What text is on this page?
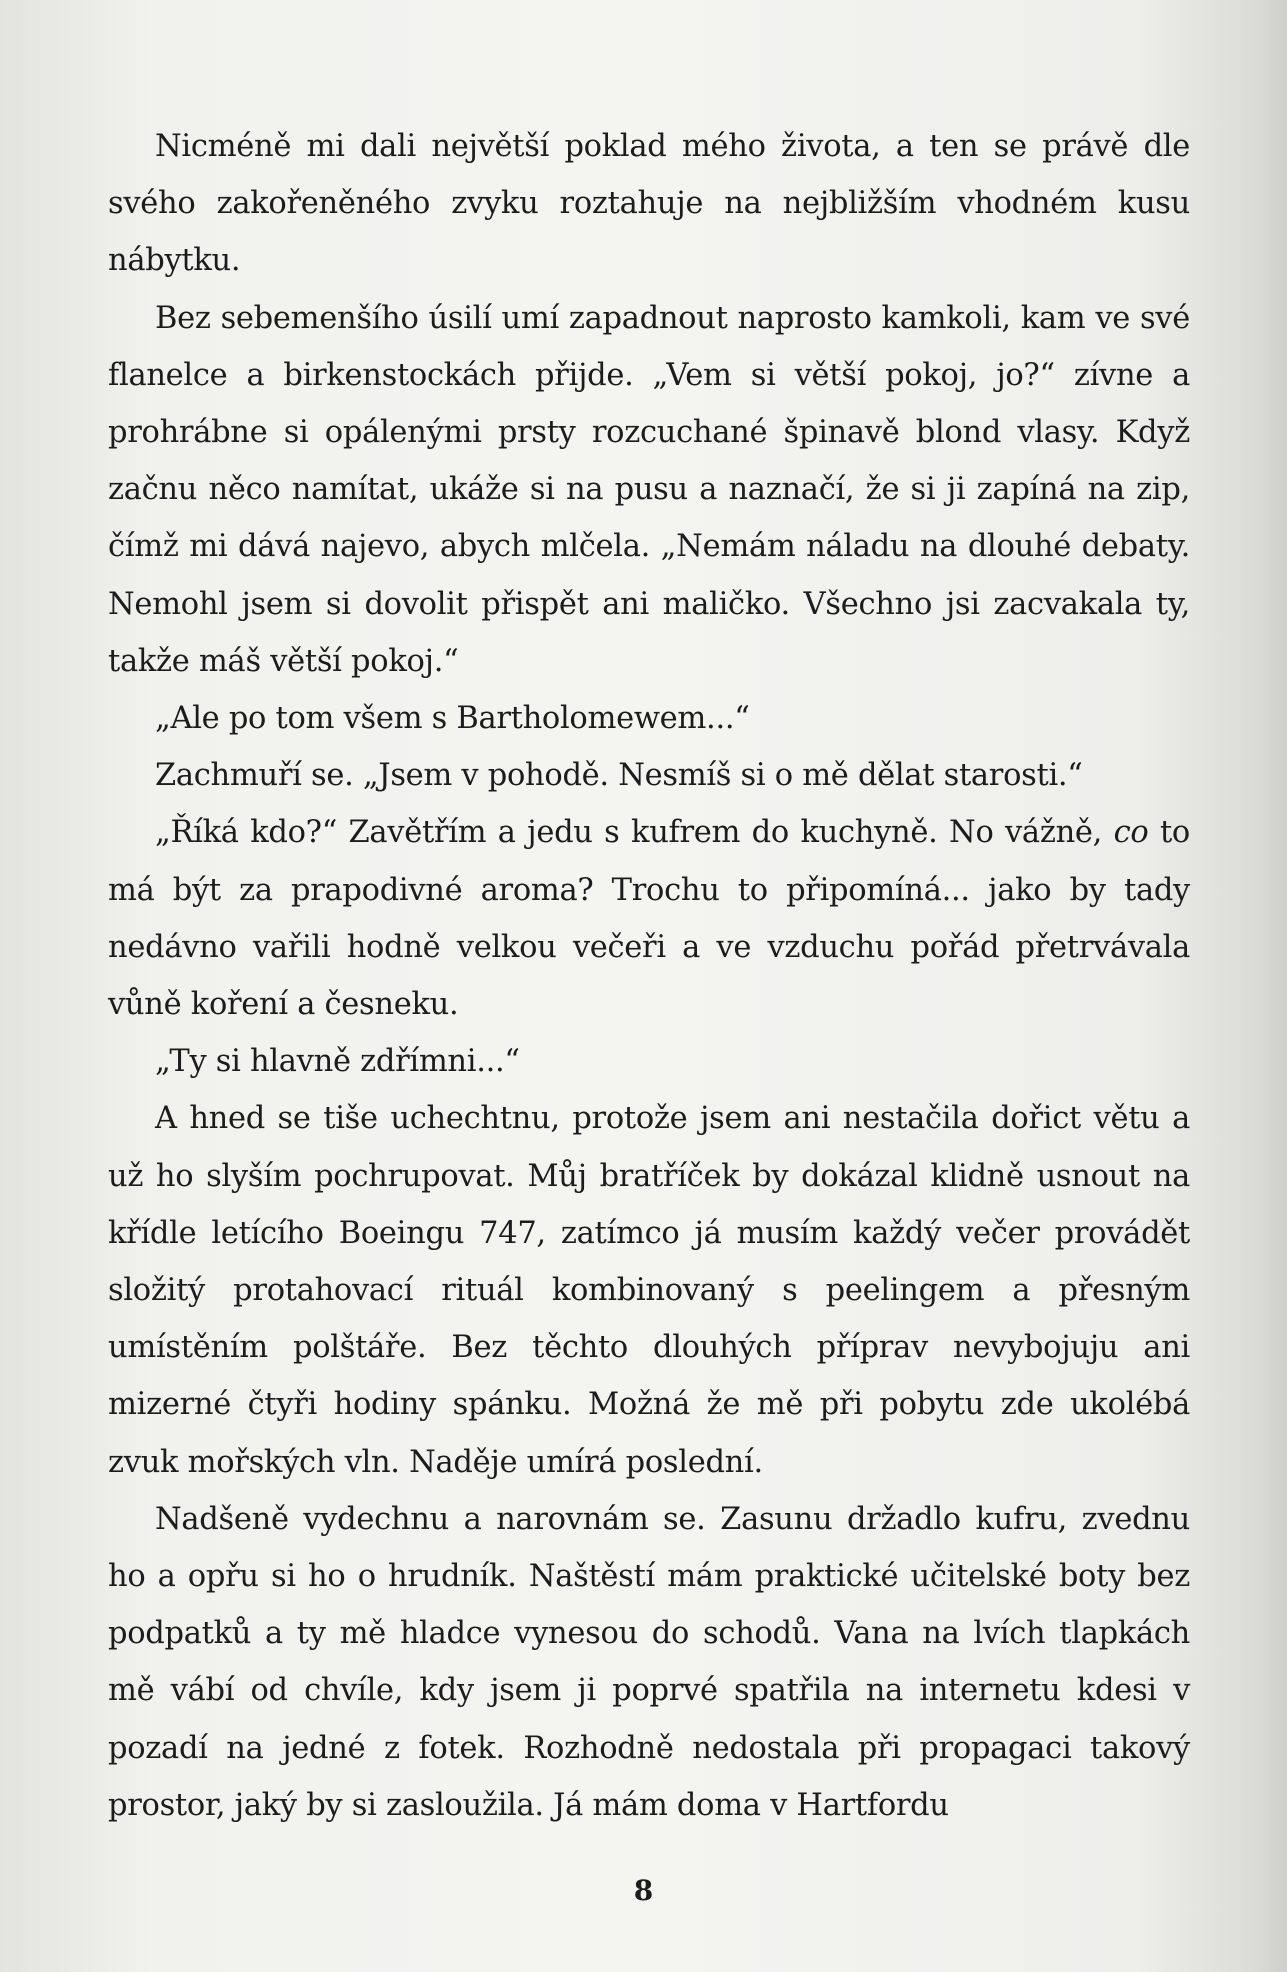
Nicméně mi dali největší poklad mého života, a ten se právě dle svého zakořeněného zvyku roztahuje na nejbližším vhodném kusu nábytku.

Bez sebemenšího úsilí umí zapadnout naprosto kamkoli, kam ve své flanelce a birkenstockách přijde. „Vem si větší pokoj, jo?“ zívne a prohrábne si opálenými prsty rozcuchané špinavě blond vlasy. Když začnu něco namítat, ukáže si na pusu a naznačí, že si ji zapíná na zip, čímž mi dává najevo, abych mlčela. „Nemám náladu na dlouhé debaty. Nemohl jsem si dovolit přispět ani maličko. Všechno jsi zacvakala ty, takže máš větší pokoj.“

„Ale po tom všem s Bartholomewem...“

Zachmuří se. „Jsem v pohodě. Nesmíš si o mě dělat starosti.“

„Říká kdo?“ Zavětřím a jedu s kufrem do kuchyně. No vážně, co to má být za prapodivné aroma? Trochu to připomíná... jako by tady nedávno vařili hodně velkou večeři a ve vzduchu pořád přetrvávala vůně koření a česneku.

„Ty si hlavně zdřímni...“

A hned se tiše uchechtnu, protože jsem ani nestačila dořict větu a už ho slyším pochrupovat. Můj bratříček by dokázal klidně usnout na křídle letícího Boeingu 747, zatímco já musím každý večer provádět složitý protahovací rituál kombinovaný s peelingem a přesným umístěním polštáře. Bez těchto dlouhých příprav nevybojuju ani mizerné čtyři hodiny spánku. Možná že mě při pobytu zde ukolébá zvuk mořských vln. Naděje umírá poslední.

Nadšeně vydechnu a narovnám se. Zasunu držadlo kufru, zvednu ho a opřu si ho o hrudník. Naštěstí mám praktické učitelské boty bez podpatků a ty mě hladce vynesou do schodů. Vana na lvích tlapkách mě vábí od chvíle, kdy jsem ji poprvé spatřila na internetu kdesi v pozadí na jedné z fotek. Rozhodně nedostala při propagaci takový prostor, jaký by si zasloužila. Já mám doma v Hartfordu

8
